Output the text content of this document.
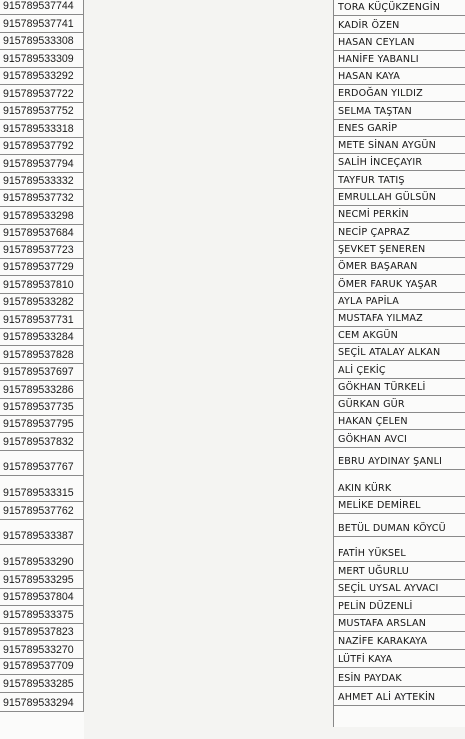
915789537744
915789537741
915789533308
915789533309
915789533292
915789537722
915789537752
915789533318
915789537792
915789537794
915789533332
915789537732
915789533298
915789537684
915789537723
915789537729
915789537810
915789533282
915789537731
915789533284
915789537828
915789537697
915789533286
915789537735
915789537795
915789537832
915789537767
915789533315
915789537762
915789533387
915789533290
915789533295
915789537804
915789533375
915789537823
915789533270
915789537709
915789533285
915789533294
TORA KÜÇÜKZENGİN
KADİR ÖZEN
HASAN CEYLAN
HANİFE YABANLI
HASAN KAYA
ERDOĞAN YILDIZ
SELMA TAŞTAN
ENES GARİP
METE SİNAN AYGÜN
SALİH İNCEÇAYIR
TAYFUR TATIŞ
EMRULLAH GÜLSÜN
NECMİ PERKİN
NECİP ÇAPRAZ
ŞEVKET ŞENEREN
ÖMER BAŞARAN
ÖMER FARUK YAŞAR
AYLA PAPİLA
MUSTAFA YILMAZ
CEM AKGÜN
SEÇİL ATALAY ALKAN
ALİ ÇEKİÇ
GÖKHAN TÜRKELİ
GÜRKAN GÜR
HAKAN ÇELEN
GÖKHAN AVCI
EBRU AYDINAY ŞANLI
AKIN KÜRK
MELİKE DEMİREL
BETÜL DUMAN KÖYCÜ
FATİH YÜKSEL
MERT UĞURLU
SEÇİL UYSAL AYVACI
PELİN DÜZENLİ
MUSTAFA ARSLAN
NAZİFE KARAKAYA
LÜTFİ KAYA
ESİN PAYDAK
AHMET ALİ AYTEKİN
